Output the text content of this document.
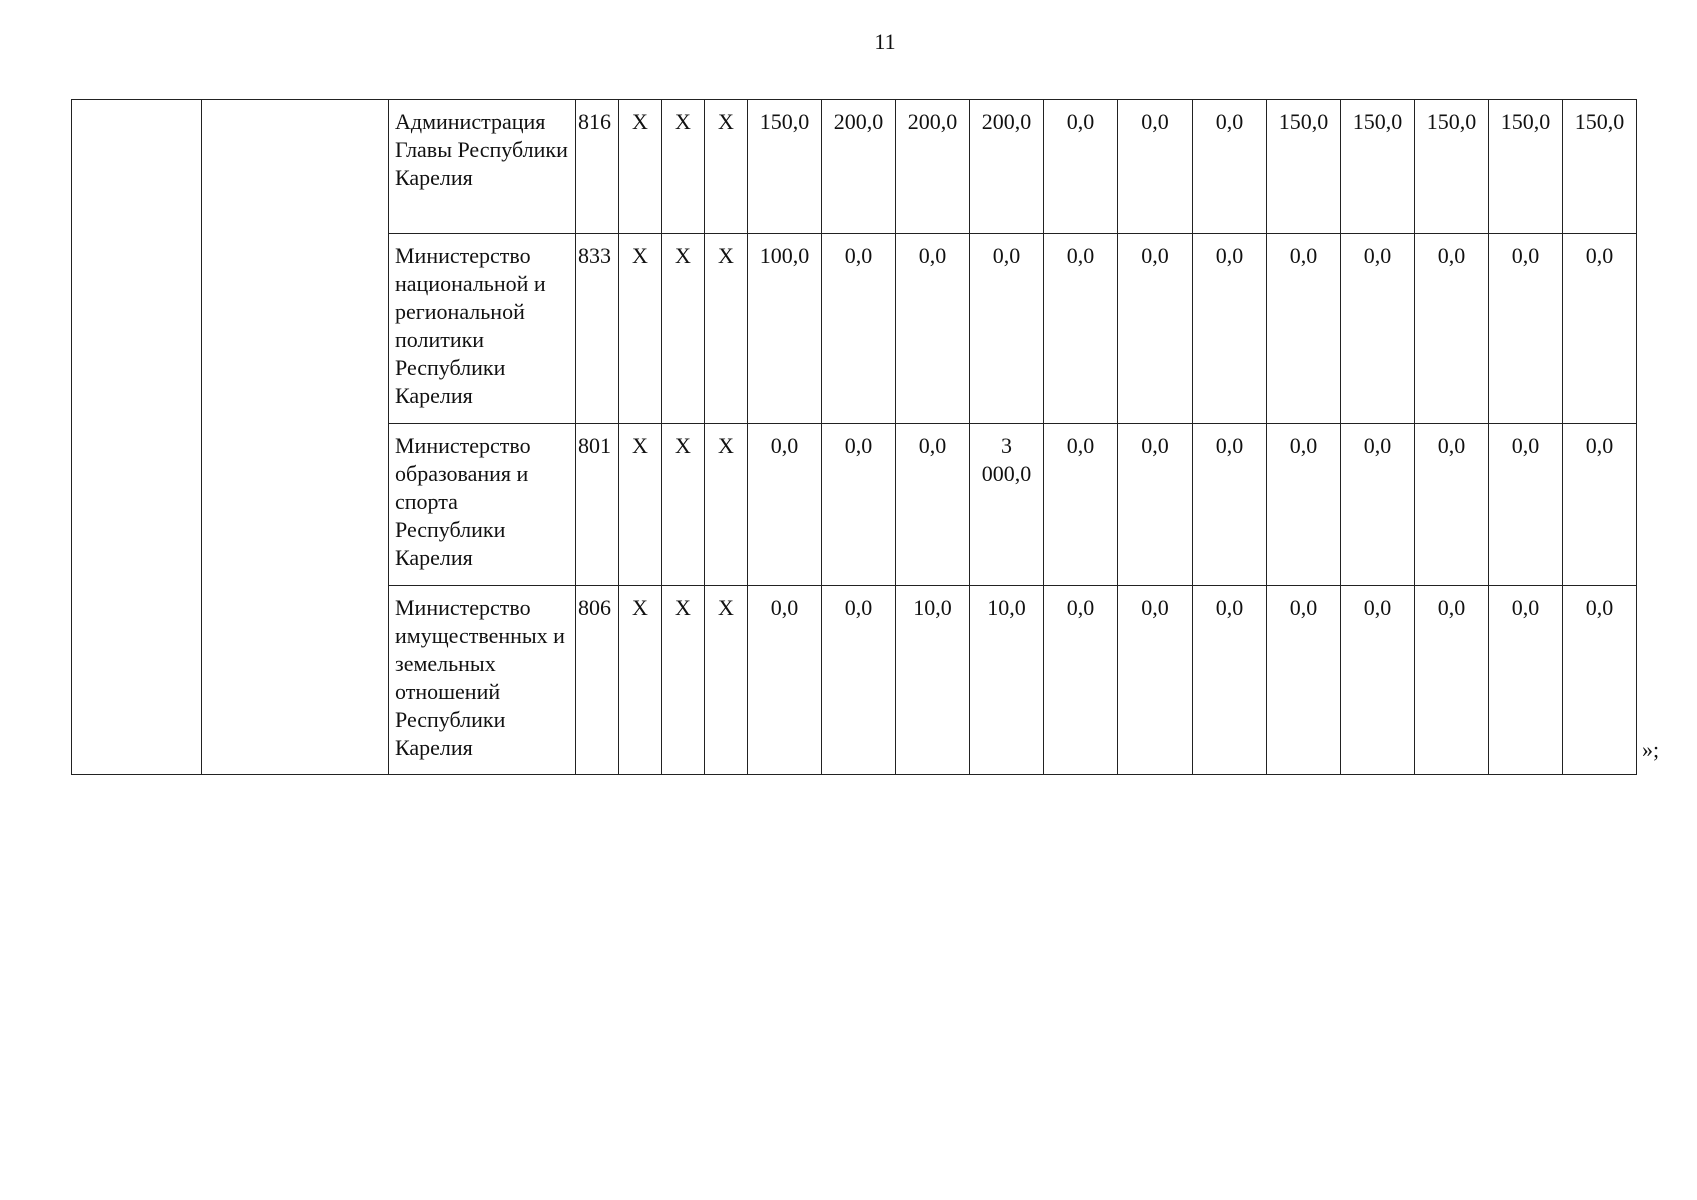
11
		Администрация Главы Республики Карелия	816	X	X	X	150,0	200,0	200,0	200,0	0,0	0,0	0,0	150,0	150,0	150,0	150,0	150,0
		Министерство национальной и региональной политики Республики Карелия	833	X	X	X	100,0	0,0	0,0	0,0	0,0	0,0	0,0	0,0	0,0	0,0	0,0	0,0
		Министерство образования и спорта Республики Карелия	801	X	X	X	0,0	0,0	0,0	3 000,0	0,0	0,0	0,0	0,0	0,0	0,0	0,0	0,0
		Министерство имущественных и земельных отношений Республики Карелия	806	X	X	X	0,0	0,0	10,0	10,0	0,0	0,0	0,0	0,0	0,0	0,0	0,0	0,0
»;
